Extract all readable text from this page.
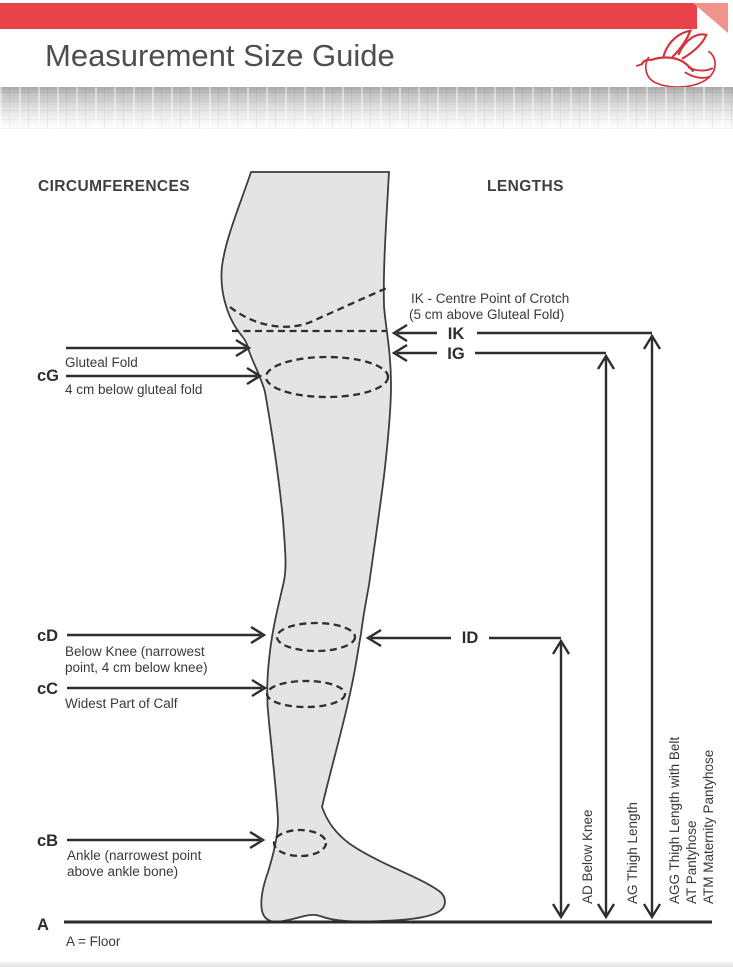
Measurement Size Guide
CIRCUMFERENCES	LENGTHS
Gluteal Fold
cG
4 cm below gluteal fold
cD
Below Knee (narrowest
point, 4 cm below knee)
cC
Widest Part of Calf
cB
Ankle (narrowest point
above ankle bone)
A
A = Floor
IK - Centre Point of Crotch
(5 cm above Gluteal Fold)
IK
IG
ID
AD Below Knee AG Thigh Length AGG Thigh Length with Belt AT Pantyhose ATM Maternity Pantyhose
